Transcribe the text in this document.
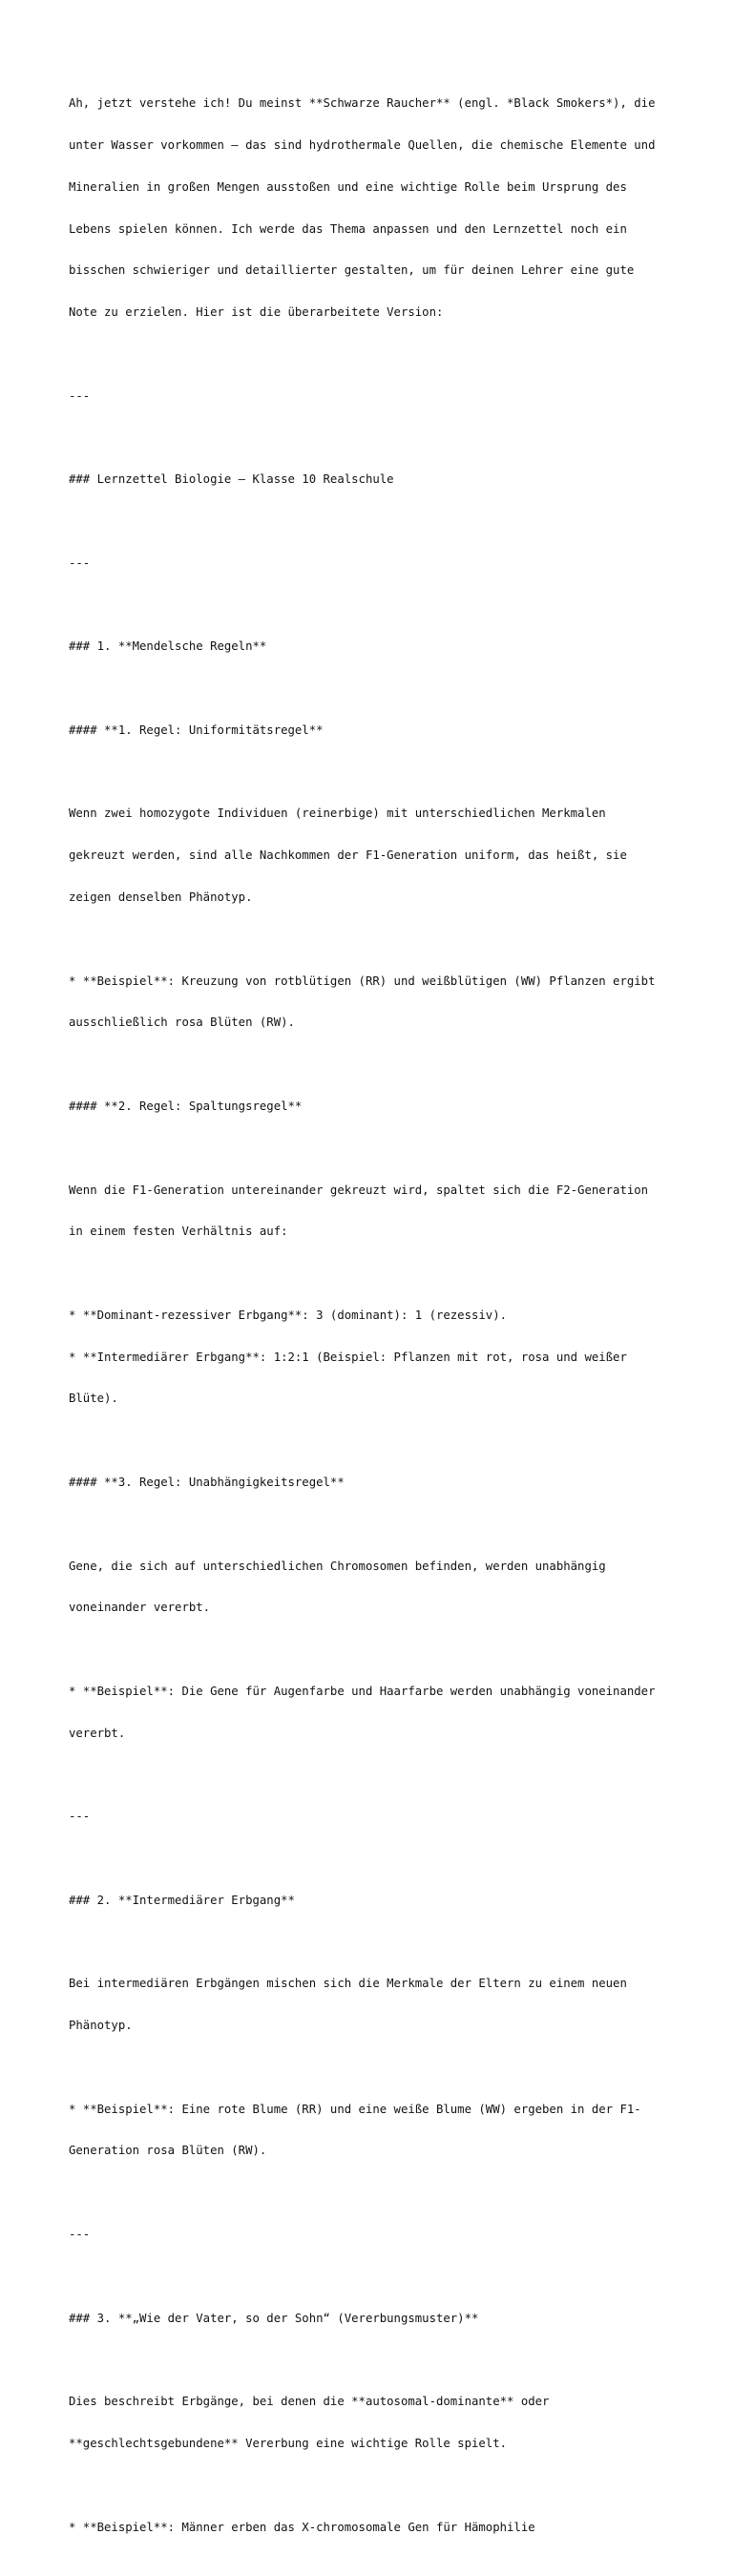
Ah, jetzt verstehe ich! Du meinst **Schwarze Raucher** (engl. *Black Smokers*), die

unter Wasser vorkommen – das sind hydrothermale Quellen, die chemische Elemente und

Mineralien in großen Mengen ausstoßen und eine wichtige Rolle beim Ursprung des

Lebens spielen können. Ich werde das Thema anpassen und den Lernzettel noch ein

bisschen schwieriger und detaillierter gestalten, um für deinen Lehrer eine gute

Note zu erzielen. Hier ist die überarbeitete Version:

---

### Lernzettel Biologie – Klasse 10 Realschule

---

### 1. **Mendelsche Regeln**

#### **1. Regel: Uniformitätsregel**

Wenn zwei homozygote Individuen (reinerbige) mit unterschiedlichen Merkmalen

gekreuzt werden, sind alle Nachkommen der F1-Generation uniform, das heißt, sie

zeigen denselben Phänotyp.

* **Beispiel**: Kreuzung von rotblütigen (RR) und weißblütigen (WW) Pflanzen ergibt

ausschließlich rosa Blüten (RW).

#### **2. Regel: Spaltungsregel**

Wenn die F1-Generation untereinander gekreuzt wird, spaltet sich die F2-Generation

in einem festen Verhältnis auf:

* **Dominant-rezessiver Erbgang**: 3 (dominant): 1 (rezessiv).

* **Intermediärer Erbgang**: 1:2:1 (Beispiel: Pflanzen mit rot, rosa und weißer

Blüte).

#### **3. Regel: Unabhängigkeitsregel**

Gene, die sich auf unterschiedlichen Chromosomen befinden, werden unabhängig

voneinander vererbt.

* **Beispiel**: Die Gene für Augenfarbe und Haarfarbe werden unabhängig voneinander

vererbt.

---

### 2. **Intermediärer Erbgang**

Bei intermediären Erbgängen mischen sich die Merkmale der Eltern zu einem neuen

Phänotyp.

* **Beispiel**: Eine rote Blume (RR) und eine weiße Blume (WW) ergeben in der F1-

Generation rosa Blüten (RW).

---

### 3. **„Wie der Vater, so der Sohn“ (Vererbungsmuster)**

Dies beschreibt Erbgänge, bei denen die **autosomal-dominante** oder

**geschlechtsgebundene** Vererbung eine wichtige Rolle spielt.

* **Beispiel**: Männer erben das X-chromosomale Gen für Hämophilie
